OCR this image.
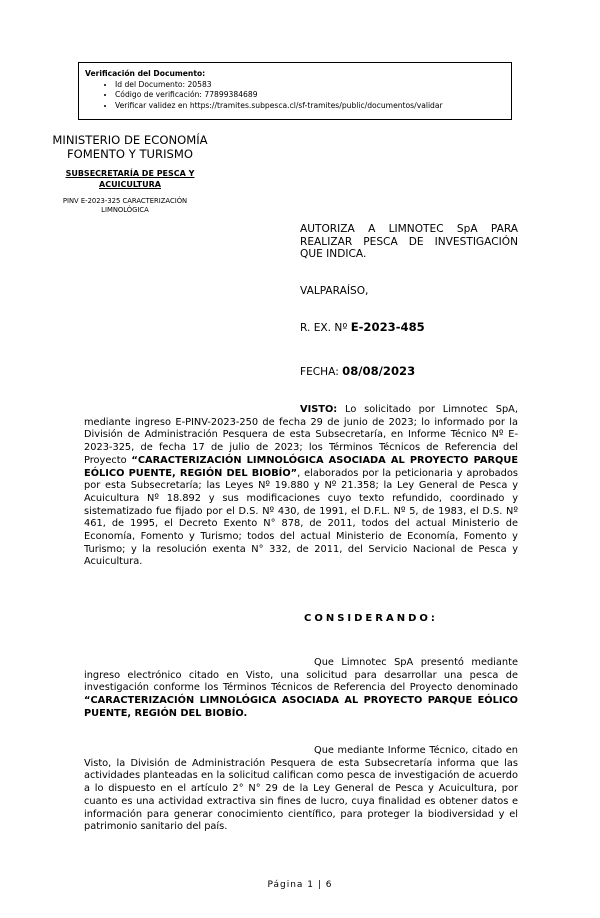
Verificación del Documento:
• Id del Documento: 20583
• Código de verificación: 77899384689
• Verificar validez en https://tramites.subpesca.cl/sf-tramites/public/documentos/validar
MINISTERIO DE ECONOMÍA
FOMENTO Y TURISMO
SUBSECRETARÍA DE PESCA Y
ACUICULTURA
PINV E-2023-325 CARACTERIZACIÓN
LIMNOLÓGICA
AUTORIZA A LIMNOTEC SpA PARA REALIZAR PESCA DE INVESTIGACIÓN QUE INDICA.
VALPARAÍSO,
R. EX. Nº E-2023-485
FECHA: 08/08/2023
VISTO: Lo solicitado por Limnotec SpA, mediante ingreso E-PINV-2023-250 de fecha 29 de junio de 2023; lo informado por la División de Administración Pesquera de esta Subsecretaría, en Informe Técnico Nº E-2023-325, de fecha 17 de julio de 2023; los Términos Técnicos de Referencia del Proyecto “CARACTERIZACIÓN LIMNOLÓGICA ASOCIADA AL PROYECTO PARQUE EÓLICO PUENTE, REGIÓN DEL BIOBÍO”, elaborados por la peticionaria y aprobados por esta Subsecretaría; las Leyes Nº 19.880 y Nº 21.358; la Ley General de Pesca y Acuicultura Nº 18.892 y sus modificaciones cuyo texto refundido, coordinado y sistematizado fue fijado por el D.S. Nº 430, de 1991, el D.F.L. Nº 5, de 1983, el D.S. Nº 461, de 1995, el Decreto Exento N° 878, de 2011, todos del actual Ministerio de Economía, Fomento y Turismo; todos del actual Ministerio de Economía, Fomento y Turismo; y la resolución exenta N° 332, de 2011, del Servicio Nacional de Pesca y Acuicultura.
CONSIDERANDO:
Que Limnotec SpA presentó mediante ingreso electrónico citado en Visto, una solicitud para desarrollar una pesca de investigación conforme los Términos Técnicos de Referencia del Proyecto denominado “CARACTERIZACIÓN LIMNOLÓGICA ASOCIADA AL PROYECTO PARQUE EÓLICO PUENTE, REGIÓN DEL BIOBÍO.
Que mediante Informe Técnico, citado en Visto, la División de Administración Pesquera de esta Subsecretaría informa que las actividades planteadas en la solicitud califican como pesca de investigación de acuerdo a lo dispuesto en el artículo 2° N° 29 de la Ley General de Pesca y Acuicultura, por cuanto es una actividad extractiva sin fines de lucro, cuya finalidad es obtener datos e información para generar conocimiento científico, para proteger la biodiversidad y el patrimonio sanitario del país.
Página 1 | 6
